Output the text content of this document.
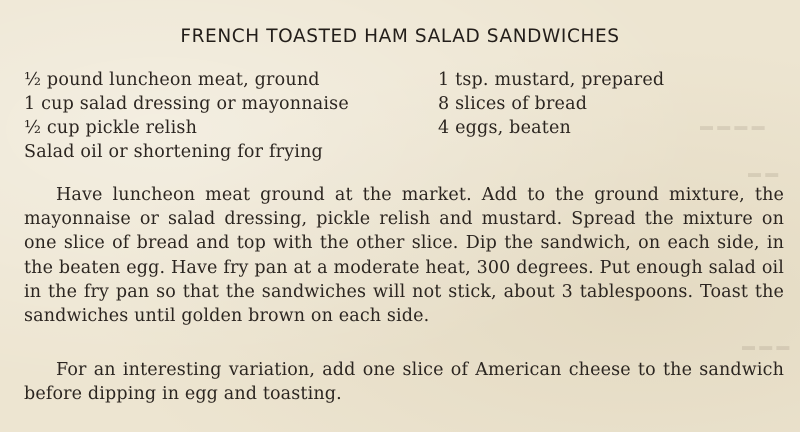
▬ ▬ ▬ ▬
▬ ▬
▬ ▬ ▬
FRENCH TOASTED HAM SALAD SANDWICHES
½ pound luncheon meat, ground
1 cup salad dressing or mayonnaise
½ cup pickle relish
Salad oil or shortening for frying
1 tsp. mustard, prepared
8 slices of bread
4 eggs, beaten
Have luncheon meat ground at the market. Add to the ground mixture, the mayonnaise or salad dressing, pickle relish and mustard. Spread the mixture on one slice of bread and top with the other slice. Dip the sandwich, on each side, in the beaten egg. Have fry pan at a moderate heat, 300 degrees. Put enough salad oil in the fry pan so that the sandwiches will not stick, about 3 tablespoons. Toast the sandwiches until golden brown on each side.
For an interesting variation, add one slice of American cheese to the sandwich before dipping in egg and toasting.
